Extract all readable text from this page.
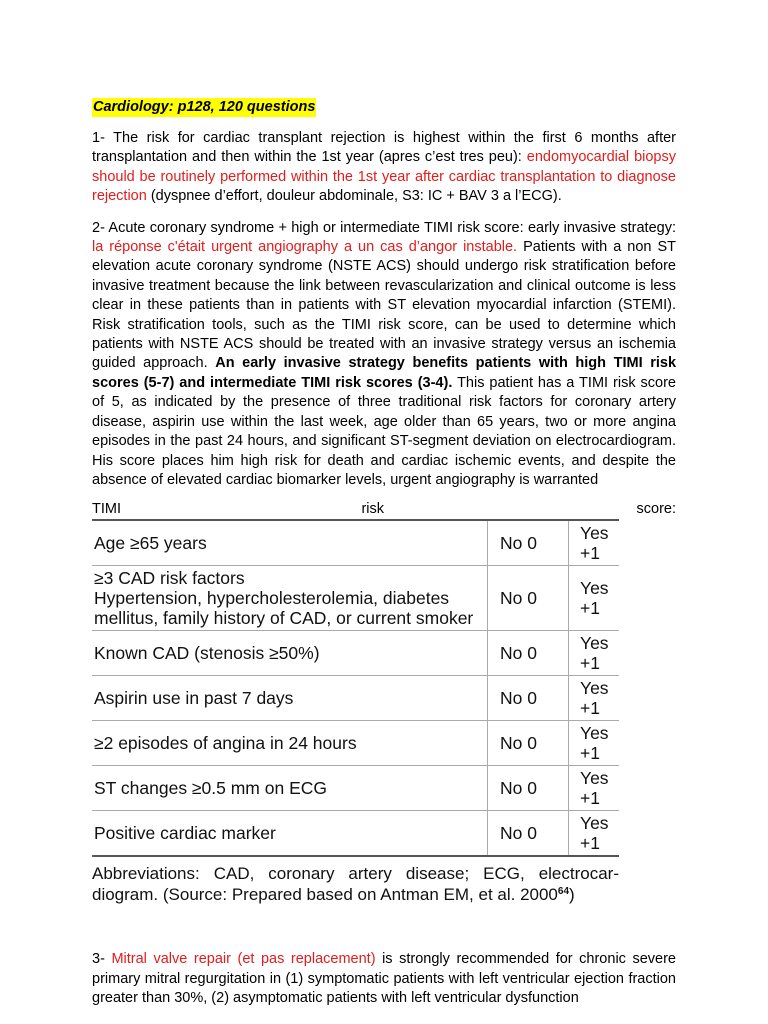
Cardiology: p128, 120 questions

1- The risk for cardiac transplant rejection is highest within the first 6 months after transplantation and then within the 1st year (apres c’est tres peu): endomyocardial biopsy should be routinely performed within the 1st year after cardiac transplantation to diagnose rejection (dyspnee d’effort, douleur abdominale, S3: IC + BAV 3 a l’ECG).

2- Acute coronary syndrome + high or intermediate TIMI risk score: early invasive strategy: la réponse c'était urgent angiography a un cas d’angor instable. Patients with a non ST elevation acute coronary syndrome (NSTE ACS) should undergo risk stratification before invasive treatment because the link between revascularization and clinical outcome is less clear in these patients than in patients with ST elevation myocardial infarction (STEMI). Risk stratification tools, such as the TIMI risk score, can be used to determine which patients with NSTE ACS should be treated with an invasive strategy versus an ischemia guided approach. An early invasive strategy benefits patients with high TIMI risk scores (5-7) and intermediate TIMI risk scores (3-4). This patient has a TIMI risk score of 5, as indicated by the presence of three traditional risk factors for coronary artery disease, aspirin use within the last week, age older than 65 years, two or more angina episodes in the past 24 hours, and significant ST-segment deviation on electrocardiogram. His score places him high risk for death and cardiac ischemic events, and despite the absence of elevated cardiac biomarker levels, urgent angiography is warranted

TIMI	risk	score:
Age ≥65 years	No 0	Yes +1
≥3 CAD risk factors
Hypertension, hypercholesterolemia, diabetes mellitus, family history of CAD, or current smoker	No 0	Yes +1
Known CAD (stenosis ≥50%)	No 0	Yes +1
Aspirin use in past 7 days	No 0	Yes +1
≥2 episodes of angina in 24 hours	No 0	Yes +1
ST changes ≥0.5 mm on ECG	No 0	Yes +1
Positive cardiac marker	No 0	Yes +1
Abbreviations: CAD, coronary artery disease; ECG, electrocar-diogram. (Source: Prepared based on Antman EM, et al. 2000$^{64}$)

3- Mitral valve repair (et pas replacement) is strongly recommended for chronic severe primary mitral regurgitation in (1) symptomatic patients with left ventricular ejection fraction greater than 30%, (2) asymptomatic patients with left ventricular dysfunction
